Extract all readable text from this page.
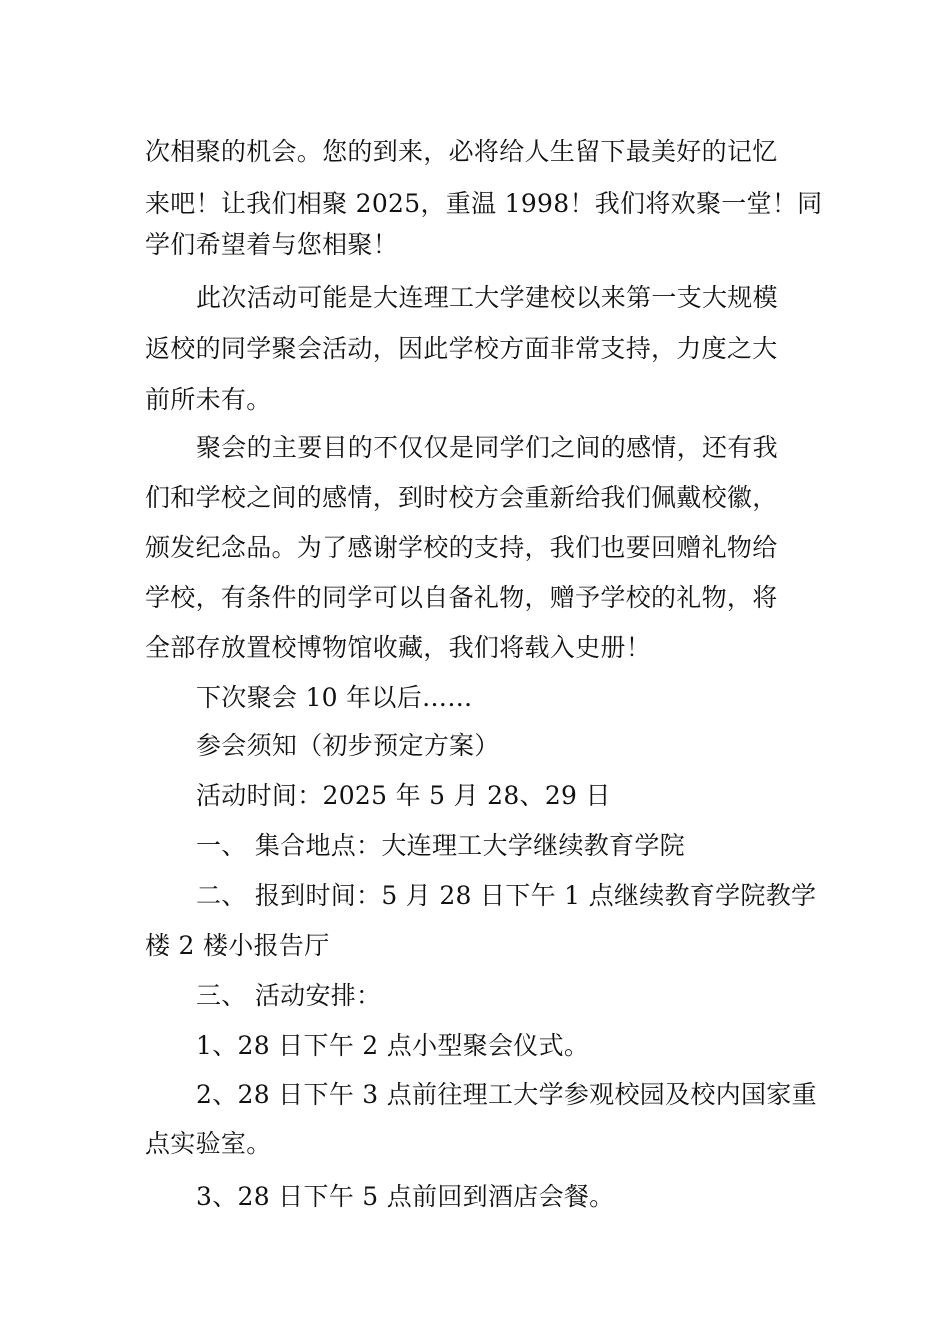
次相聚的机会。您的到来，必将给人生留下最美好的记忆
来吧！让我们相聚 2025，重温 1998！我们将欢聚一堂！同
学们希望着与您相聚！
此次活动可能是大连理工大学建校以来第一支大规模
返校的同学聚会活动，因此学校方面非常支持，力度之大
前所未有。
聚会的主要目的不仅仅是同学们之间的感情，还有我
们和学校之间的感情，到时校方会重新给我们佩戴校徽，
颁发纪念品。为了感谢学校的支持，我们也要回赠礼物给
学校，有条件的同学可以自备礼物，赠予学校的礼物，将
全部存放置校博物馆收藏，我们将载入史册！
下次聚会 10 年以后……
参会须知（初步预定方案）
活动时间：2025 年 5 月 28、29 日
一、 集合地点：大连理工大学继续教育学院
二、 报到时间：5 月 28 日下午 1 点继续教育学院教学
楼 2 楼小报告厅
三、 活动安排：
1、28 日下午 2 点小型聚会仪式。
2、28 日下午 3 点前往理工大学参观校园及校内国家重
点实验室。
3、28 日下午 5 点前回到酒店会餐。
